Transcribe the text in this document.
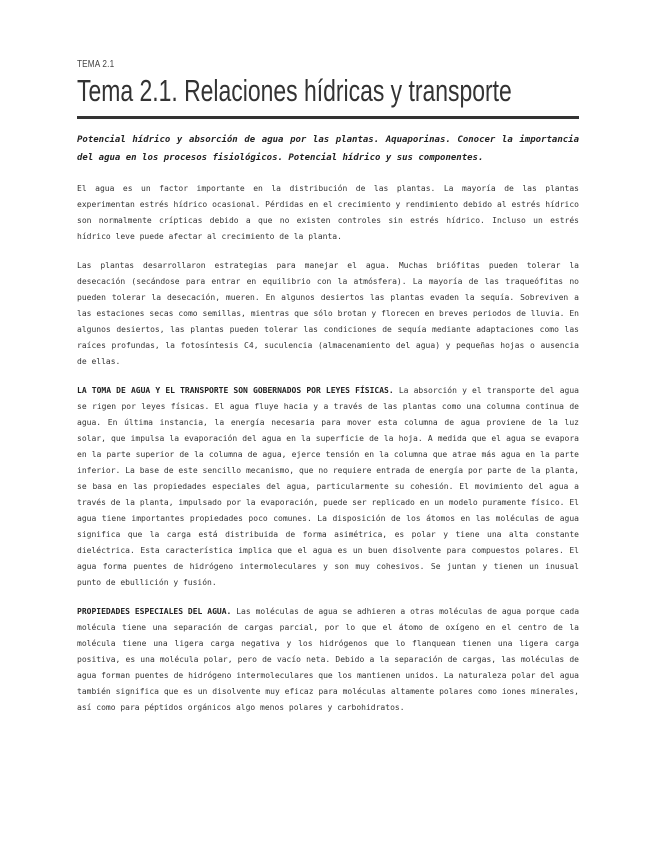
TEMA 2.1

Tema 2.1. Relaciones hídricas y transporte

Potencial hídrico y absorción de agua por las plantas. Aquaporinas. Conocer la importancia del agua en los procesos fisiológicos. Potencial hídrico y sus componentes.

El agua es un factor importante en la distribución de las plantas. La mayoría de las plantas experimentan estrés hídrico ocasional. Pérdidas en el crecimiento y rendimiento debido al estrés hídrico son normalmente crípticas debido a que no existen controles sin estrés hídrico. Incluso un estrés hídrico leve puede afectar al crecimiento de la planta.

Las plantas desarrollaron estrategias para manejar el agua. Muchas briófitas pueden tolerar la desecación (secándose para entrar en equilibrio con la atmósfera). La mayoría de las traqueófitas no pueden tolerar la desecación, mueren. En algunos desiertos las plantas evaden la sequía. Sobreviven a las estaciones secas como semillas, mientras que sólo brotan y florecen en breves periodos de lluvia. En algunos desiertos, las plantas pueden tolerar las condiciones de sequía mediante adaptaciones como las raíces profundas, la fotosíntesis C4, suculencia (almacenamiento del agua) y pequeñas hojas o ausencia de ellas.

LA TOMA DE AGUA Y EL TRANSPORTE SON GOBERNADOS POR LEYES FÍSICAS. La absorción y el transporte del agua se rigen por leyes físicas. El agua fluye hacia y a través de las plantas como una columna continua de agua. En última instancia, la energía necesaria para mover esta columna de agua proviene de la luz solar, que impulsa la evaporación del agua en la superficie de la hoja. A medida que el agua se evapora en la parte superior de la columna de agua, ejerce tensión en la columna que atrae más agua en la parte inferior. La base de este sencillo mecanismo, que no requiere entrada de energía por parte de la planta, se basa en las propiedades especiales del agua, particularmente su cohesión. El movimiento del agua a través de la planta, impulsado por la evaporación, puede ser replicado en un modelo puramente físico. El agua tiene importantes propiedades poco comunes. La disposición de los átomos en las moléculas de agua significa que la carga está distribuida de forma asimétrica, es polar y tiene una alta constante dieléctrica. Esta característica implica que el agua es un buen disolvente para compuestos polares. El agua forma puentes de hidrógeno intermoleculares y son muy cohesivos. Se juntan y tienen un inusual punto de ebullición y fusión.

PROPIEDADES ESPECIALES DEL AGUA. Las moléculas de agua se adhieren a otras moléculas de agua porque cada molécula tiene una separación de cargas parcial, por lo que el átomo de oxígeno en el centro de la molécula tiene una ligera carga negativa y los hidrógenos que lo flanquean tienen una ligera carga positiva, es una molécula polar, pero de vacío neta. Debido a la separación de cargas, las moléculas de agua forman puentes de hidrógeno intermoleculares que los mantienen unidos. La naturaleza polar del agua también significa que es un disolvente muy eficaz para moléculas altamente polares como iones minerales, así como para péptidos orgánicos algo menos polares y carbohidratos.
